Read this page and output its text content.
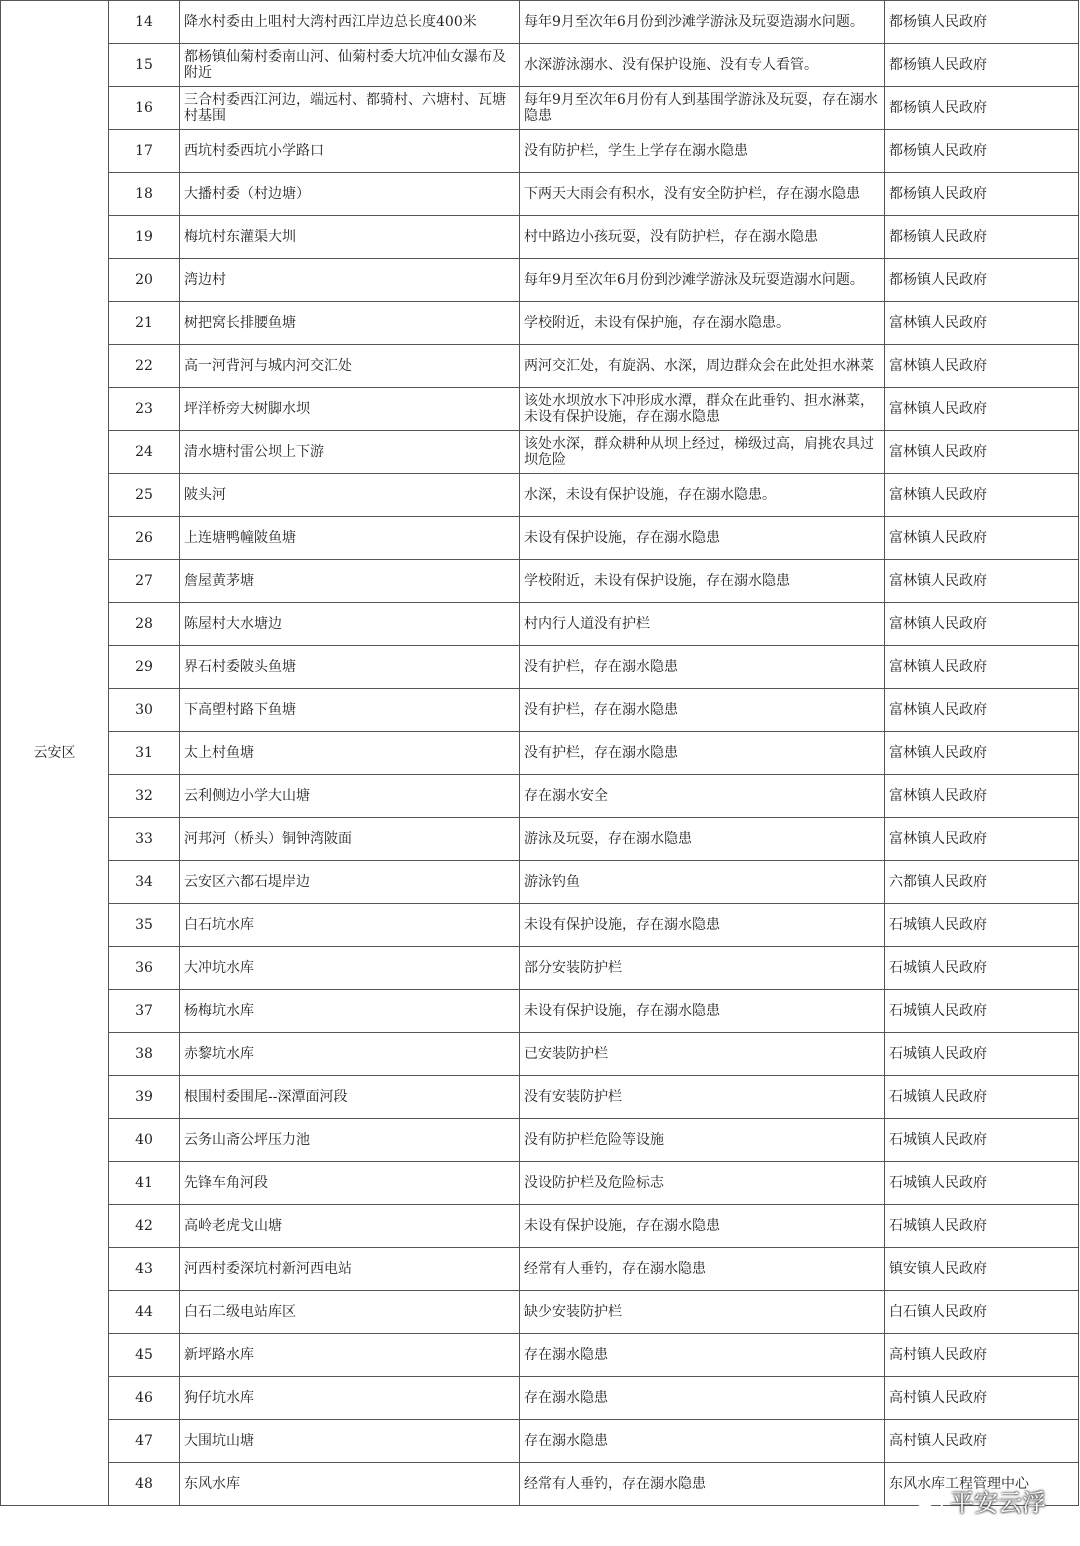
云安区	14	降水村委由上咀村大湾村西江岸边总长度400米	每年9月至次年6月份到沙滩学游泳及玩耍造溺水问题。	都杨镇人民政府
	15	都杨镇仙菊村委南山河、仙菊村委大坑冲仙女瀑布及附近	水深游泳溺水、没有保护设施、没有专人看管。	都杨镇人民政府
	16	三合村委西江河边，端远村、都骑村、六塘村、瓦塘村基围	每年9月至次年6月份有人到基围学游泳及玩耍，存在溺水隐患	都杨镇人民政府
	17	西坑村委西坑小学路口	没有防护栏，学生上学存在溺水隐患	都杨镇人民政府
	18	大播村委（村边塘）	下两天大雨会有积水，没有安全防护栏，存在溺水隐患	都杨镇人民政府
	19	梅坑村东灌渠大圳	村中路边小孩玩耍，没有防护栏，存在溺水隐患	都杨镇人民政府
	20	湾边村	每年9月至次年6月份到沙滩学游泳及玩耍造溺水问题。	都杨镇人民政府
	21	树把窝长排腰鱼塘	学校附近，未设有保护施，存在溺水隐患。	富林镇人民政府
	22	高一河背河与城内河交汇处	两河交汇处，有旋涡、水深，周边群众会在此处担水淋菜	富林镇人民政府
	23	坪洋桥旁大树脚水坝	该处水坝放水下冲形成水潭，群众在此垂钓、担水淋菜，未设有保护设施，存在溺水隐患	富林镇人民政府
	24	清水塘村雷公坝上下游	该处水深，群众耕种从坝上经过，梯级过高，肩挑农具过坝危险	富林镇人民政府
	25	陂头河	水深，未设有保护设施，存在溺水隐患。	富林镇人民政府
	26	上连塘鸭幢陂鱼塘	未设有保护设施，存在溺水隐患	富林镇人民政府
	27	詹屋黄茅塘	学校附近，未设有保护设施，存在溺水隐患	富林镇人民政府
	28	陈屋村大水塘边	村内行人道没有护栏	富林镇人民政府
	29	界石村委陂头鱼塘	没有护栏，存在溺水隐患	富林镇人民政府
	30	下高塱村路下鱼塘	没有护栏，存在溺水隐患	富林镇人民政府
	31	太上村鱼塘	没有护栏，存在溺水隐患	富林镇人民政府
	32	云利侧边小学大山塘	存在溺水安全	富林镇人民政府
	33	河邦河（桥头）铜钟湾陂面	游泳及玩耍，存在溺水隐患	富林镇人民政府
	34	云安区六都石堤岸边	游泳钓鱼	六都镇人民政府
	35	白石坑水库	未设有保护设施，存在溺水隐患	石城镇人民政府
	36	大冲坑水库	部分安装防护栏	石城镇人民政府
	37	杨梅坑水库	未设有保护设施，存在溺水隐患	石城镇人民政府
	38	赤黎坑水库	已安装防护栏	石城镇人民政府
	39	根围村委围尾--深潭面河段	没有安装防护栏	石城镇人民政府
	40	云务山斋公坪压力池	没有防护栏危险等设施	石城镇人民政府
	41	先锋车角河段	没设防护栏及危险标志	石城镇人民政府
	42	高岭老虎戈山塘	未设有保护设施，存在溺水隐患	石城镇人民政府
	43	河西村委深坑村新河西电站	经常有人垂钓，存在溺水隐患	镇安镇人民政府
	44	白石二级电站库区	缺少安装防护栏	白石镇人民政府
	45	新坪路水库	存在溺水隐患	高村镇人民政府
	46	狗仔坑水库	存在溺水隐患	高村镇人民政府
	47	大围坑山塘	存在溺水隐患	高村镇人民政府
	48	东风水库	经常有人垂钓，存在溺水隐患	东风水库工程管理中心
平安云浮
